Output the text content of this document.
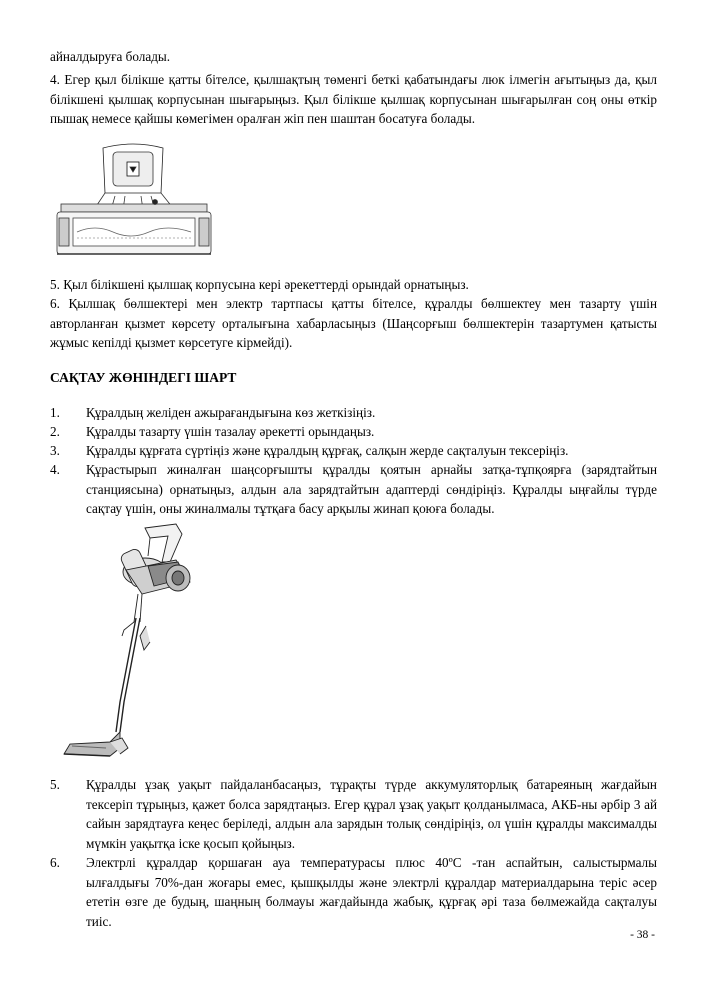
айналдыруға болады.

4. Егер қыл білікше қатты бітелсе, қылшақтың төменгі беткі қабатындағы люк ілмегін ағытыңыз да, қыл білікшені қылшақ корпусынан шығарыңыз. Қыл білікше қылшақ корпусынан шығарылған соң оны өткір пышақ немесе қайшы көмегімен оралған жіп пен шаштан босатуға болады.

5. Қыл білікшені қылшақ корпусына кері әрекеттерді орындай орнатыңыз.

6. Қылшақ бөлшектері мен электр тартпасы қатты бітелсе, құралды бөлшектеу мен тазарту үшін авторланған қызмет көрсету орталығына хабарласыңыз (Шаңсорғыш бөлшектерін тазартумен қатысты жұмыс кепілді қызмет көрсетуге кірмейді).

САҚТАУ ЖӨНІНДЕГІ ШАРТ
1. Құралдың желіден ажырағандығына көз жеткізіңіз.
2. Құралды тазарту үшін тазалау әрекетті орындаңыз.
3. Құралды құрғата сүртіңіз және құралдың құрғақ, салқын жерде сақталуын тексеріңіз.
4. Құрастырып жиналған шаңсорғышты құралды қоятын арнайы затқа-тұпқоярға (зарядтайтын станциясына) орнатыңыз, алдын ала зарядтайтын адаптерді сөндіріңіз. Құралды ыңғайлы түрде сақтау үшін, оны жиналмалы тұтқаға басу арқылы жинап қоюға болады.
5. Құралды ұзақ уақыт пайдаланбасаңыз, тұрақты түрде аккумуляторлық батареяның жағдайын тексеріп тұрыңыз, қажет болса зарядтаңыз. Егер құрал ұзақ уақыт қолданылмаса, АКБ-ны әрбір 3 ай сайын зарядтауға кеңес беріледі, алдын ала зарядын толық сөндіріңіз, ол үшін құралды максималды мүмкін уақытқа іске қосып қойыңыз.
6. Электрлі құралдар қоршаған ауа температурасы плюс 40ºС -тан аспайтын, салыстырмалы ылғалдығы 70%-дан жоғары емес, қышқылды және электрлі құралдар материалдарына теріс әсер ететін өзге де будың, шаңның болмауы жағдайында жабық, құрғақ әрі таза бөлмежайда сақталуы тиіс.
- 38 -
